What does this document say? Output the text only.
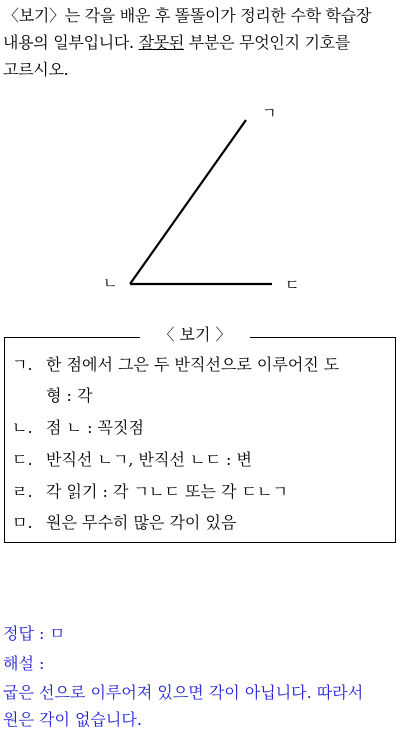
〈보기〉는 각을 배운 후 똘똘이가 정리한 수학 학습장
내용의 일부입니다. 잘못된 부분은 무엇인지 기호를
고르시오.
ㄱ
ㄴ	ㄷ
〈 보기 〉
ㄱ. 한 점에서 그은 두 반직선으로 이루어진 도
형 : 각
ㄴ. 점 ㄴ : 꼭짓점
ㄷ. 반직선 ㄴㄱ, 반직선 ㄴㄷ : 변
ㄹ. 각 읽기 : 각 ㄱㄴㄷ 또는 각 ㄷㄴㄱ
ㅁ. 원은 무수히 많은 각이 있음
정답 : ㅁ
해설 :
굽은 선으로 이루어져 있으면 각이 아닙니다. 따라서
원은 각이 없습니다.
